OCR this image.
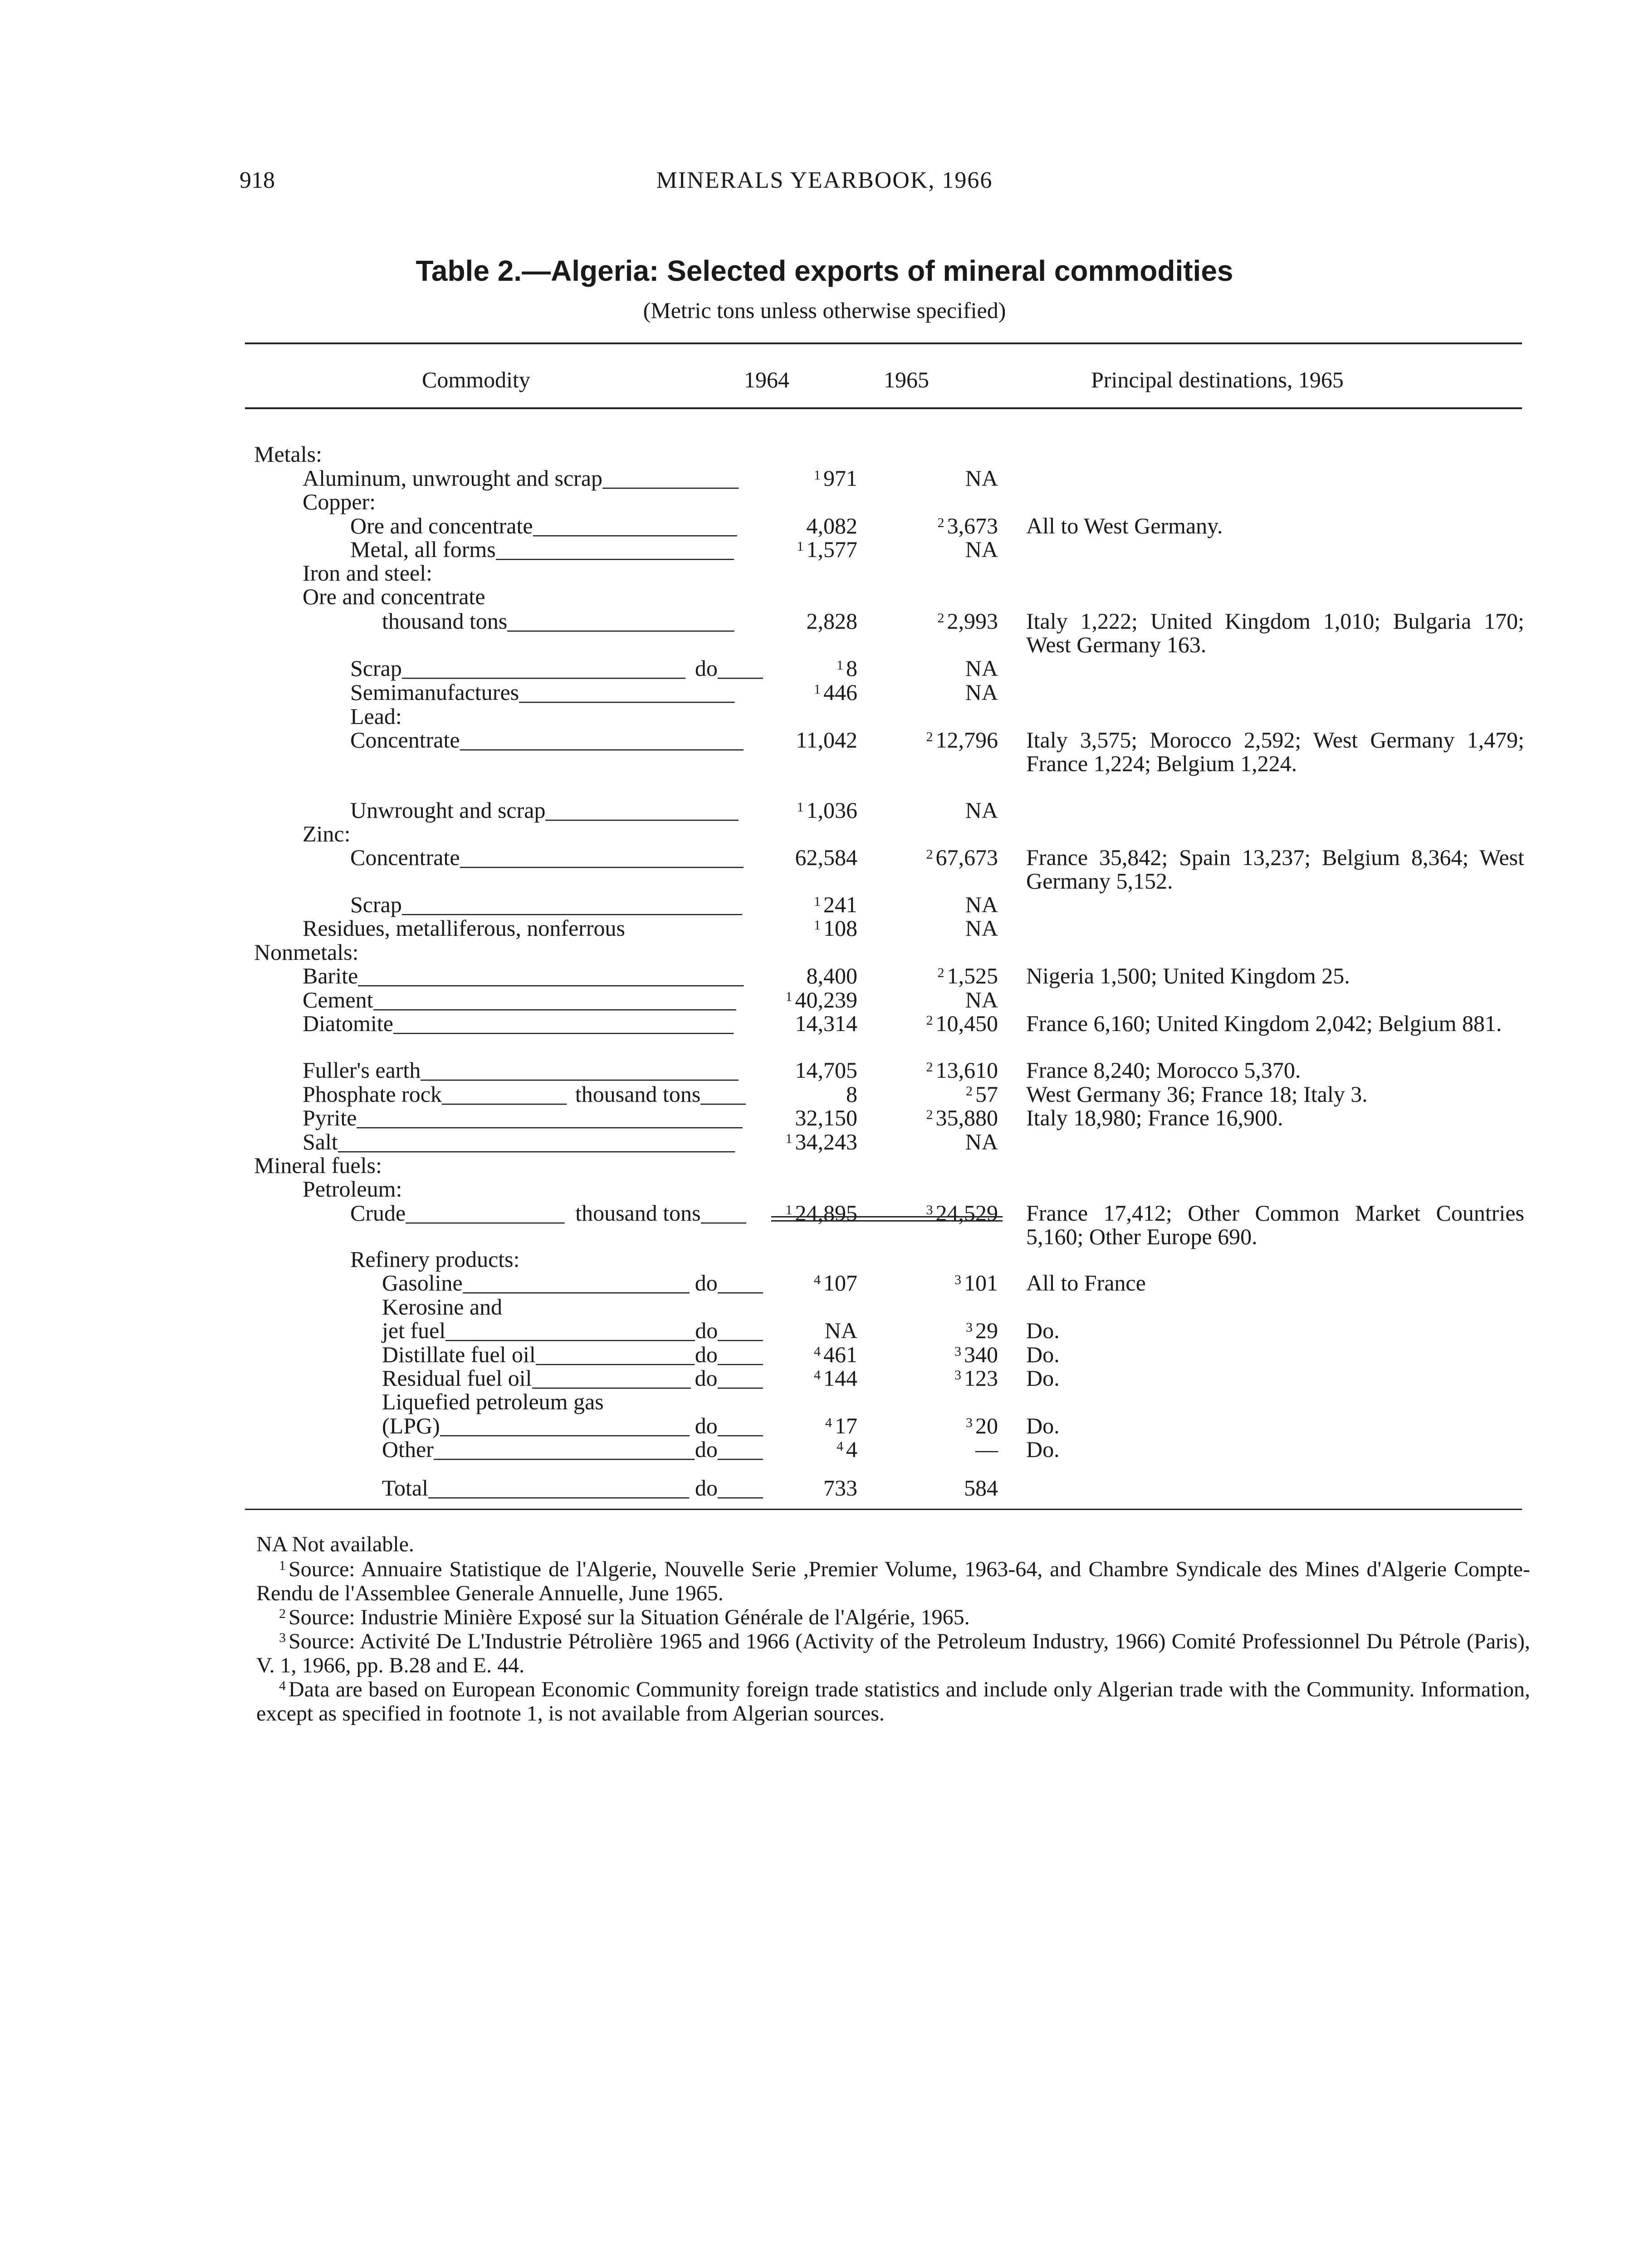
918	MINERALS YEARBOOK, 1966
Table 2.—Algeria: Selected exports of mineral commodities
(Metric tons unless otherwise specified)
Commodity	1964	1965	Principal destinations, 1965
Metals:
Aluminum, unwrought and scrap____________	$^1$ 971	NA
Copper:
Ore and concentrate__________________	4,082	$^2$ 3,673 All to West Germany.
Metal, all forms_____________________	$^1$ 1,577	NA
Iron and steel:
Ore and concentrate
thousand tons____________________	2,828	$^2$ 2,993 Italy 1,222; United Kingdom 1,010; Bulgaria 170; West Germany 163.
Scrap_________________________ do____	$^1$ 8	NA
Semimanufactures___________________	$^1$ 446	NA
Lead:
Concentrate_________________________ 11,042	$^2$ 12,796 Italy 3,575; Morocco 2,592; West Germany 1,479; France 1,224; Belgium 1,224.
Unwrought and scrap_________________	$^1$ 1,036	NA
Zinc:
Concentrate_________________________ 62,584	$^2$ 67,673 France 35,842; Spain 13,237; Belgium 8,364; West Germany 5,152.
Scrap______________________________	$^1$ 241	NA
Residues, metalliferous, nonferrous	$^1$ 108	NA
Nonmetals:
Barite__________________________________	8,400	$^2$ 1,525 Nigeria 1,500; United Kingdom 25.
Cement________________________________	$^1$ 40,239	NA
Diatomite______________________________	14,314	$^2$ 10,450 France 6,160; United Kingdom 2,042; Belgium 881.
Fuller's earth____________________________	14,705	$^2$ 13,610 France 8,240; Morocco 5,370.
Phosphate rock___________ thousand tons____	8	$^2$ 57 West Germany 36; France 18; Italy 3.
Pyrite__________________________________ 32,150	$^2$ 35,880 Italy 18,980; France 16,900.
Salt___________________________________	$^1$ 34,243	NA
Mineral fuels:
Petroleum:
Crude______________ thousand tons____	$^1$ 24,895	$^3$ 24,529 France 17,412; Other Common Market Countries 5,160; Other Europe 690.
Refinery products:
Gasoline____________________ do____	$^4$ 107	$^3$ 101 All to France
Kerosine and
jet fuel______________________do____	NA	$^3$ 29 Do.
Distillate fuel oil______________do____	$^4$ 461	$^3$ 340 Do.
Residual fuel oil______________ do____	$^4$ 144	$^3$ 123 Do.
Liquefied petroleum gas
(LPG)______________________ do____	$^4$ 17	$^3$ 20 Do.
Other_______________________do____	$^4$ 4	— Do.
Total_______________________ do____	733	584

NA Not available.

$^1$ Source: Annuaire Statistique de l'Algerie, Nouvelle Serie ,Premier Volume, 1963-64, and Chambre Syndicale des Mines d'Algerie Compte-Rendu de l'Assemblee Generale Annuelle, June 1965.

$^2$ Source: Industrie Minière Exposé sur la Situation Générale de l'Algérie, 1965.

$^3$ Source: Activité De L'Industrie Pétrolière 1965 and 1966 (Activity of the Petroleum Industry, 1966) Comité Professionnel Du Pétrole (Paris), V. 1, 1966, pp. B.28 and E. 44.

$^4$ Data are based on European Economic Community foreign trade statistics and include only Algerian trade with the Community. Information, except as specified in footnote 1, is not available from Algerian sources.
